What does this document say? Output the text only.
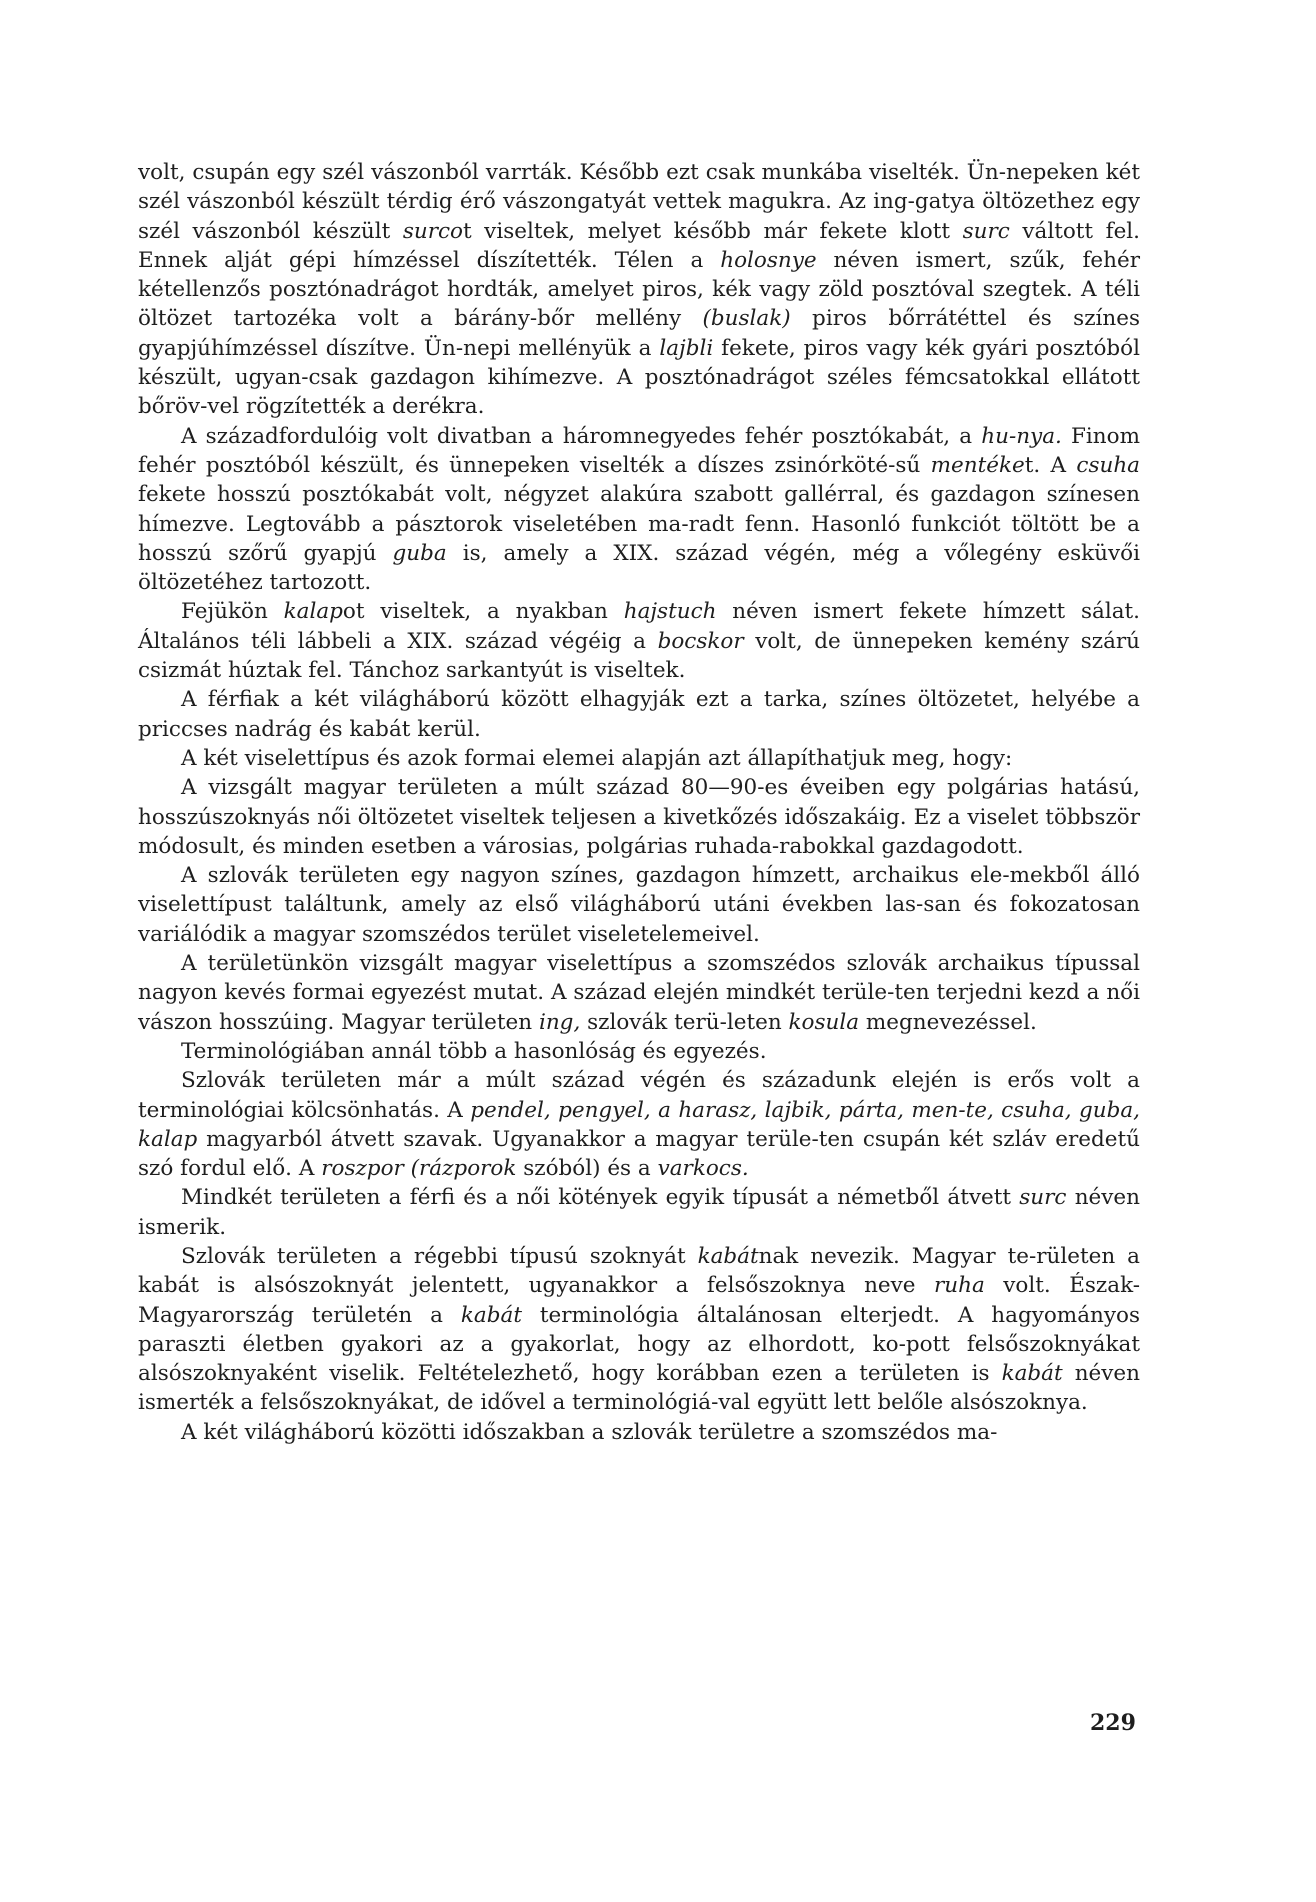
volt, csupán egy szél vászonból varrták. Később ezt csak munkába viselték. Ün-nepeken két szél vászonból készült térdig érő vászongatyát vettek magukra. Az ing-gatya öltözethez egy szél vászonból készült surcot viseltek, melyet később már fekete klott surc váltott fel. Ennek alját gépi hímzéssel díszítették. Télen a holosnye néven ismert, szűk, fehér kétellenzős posztónadrágot hordták, amelyet piros, kék vagy zöld posztóval szegtek. A téli öltözet tartozéka volt a bárány-bőr mellény (buslak) piros bőrrátéttel és színes gyapjúhímzéssel díszítve. Ün-nepi mellényük a lajbli fekete, piros vagy kék gyári posztóból készült, ugyan-csak gazdagon kihímezve. A posztónadrágot széles fémcsatokkal ellátott bőröv-vel rögzítették a derékra.

A századfordulóig volt divatban a háromnegyedes fehér posztókabát, a hu-nya. Finom fehér posztóból készült, és ünnepeken viselték a díszes zsinórköté-sű mentéket. A csuha fekete hosszú posztókabát volt, négyzet alakúra szabott gallérral, és gazdagon színesen hímezve. Legtovább a pásztorok viseletében ma-radt fenn. Hasonló funkciót töltött be a hosszú szőrű gyapjú guba is, amely a XIX. század végén, még a vőlegény esküvői öltözetéhez tartozott.

Fejükön kalapot viseltek, a nyakban hajstuch néven ismert fekete hímzett sálat. Általános téli lábbeli a XIX. század végéig a bocskor volt, de ünnepeken kemény szárú csizmát húztak fel. Tánchoz sarkantyút is viseltek.

A férfiak a két világháború között elhagyják ezt a tarka, színes öltözetet, helyébe a priccses nadrág és kabát kerül.

A két viselettípus és azok formai elemei alapján azt állapíthatjuk meg, hogy:

A vizsgált magyar területen a múlt század 80—90-es éveiben egy polgárias hatású, hosszúszoknyás női öltözetet viseltek teljesen a kivetkőzés időszakáig. Ez a viselet többször módosult, és minden esetben a városias, polgárias ruhada-rabokkal gazdagodott.

A szlovák területen egy nagyon színes, gazdagon hímzett, archaikus ele-mekből álló viselettípust találtunk, amely az első világháború utáni években las-san és fokozatosan variálódik a magyar szomszédos terület viseletelemeivel.

A területünkön vizsgált magyar viselettípus a szomszédos szlovák archaikus típussal nagyon kevés formai egyezést mutat. A század elején mindkét terüle-ten terjedni kezd a női vászon hosszúing. Magyar területen ing, szlovák terü-leten kosula megnevezéssel.

Terminológiában annál több a hasonlóság és egyezés.

Szlovák területen már a múlt század végén és századunk elején is erős volt a terminológiai kölcsönhatás. A pendel, pengyel, a harasz, lajbik, párta, men-te, csuha, guba, kalap magyarból átvett szavak. Ugyanakkor a magyar terüle-ten csupán két szláv eredetű szó fordul elő. A roszpor (rázporok szóból) és a varkocs.

Mindkét területen a férfi és a női kötények egyik típusát a németből átvett surc néven ismerik.

Szlovák területen a régebbi típusú szoknyát kabátnak nevezik. Magyar te-rületen a kabát is alsószoknyát jelentett, ugyanakkor a felsőszoknya neve ruha volt. Észak-Magyarország területén a kabát terminológia általánosan elterjedt. A hagyományos paraszti életben gyakori az a gyakorlat, hogy az elhordott, ko-pott felsőszoknyákat alsószoknyaként viselik. Feltételezhető, hogy korábban ezen a területen is kabát néven ismerték a felsőszoknyákat, de idővel a terminológiá-val együtt lett belőle alsószoknya.

A két világháború közötti időszakban a szlovák területre a szomszédos ma-

229
